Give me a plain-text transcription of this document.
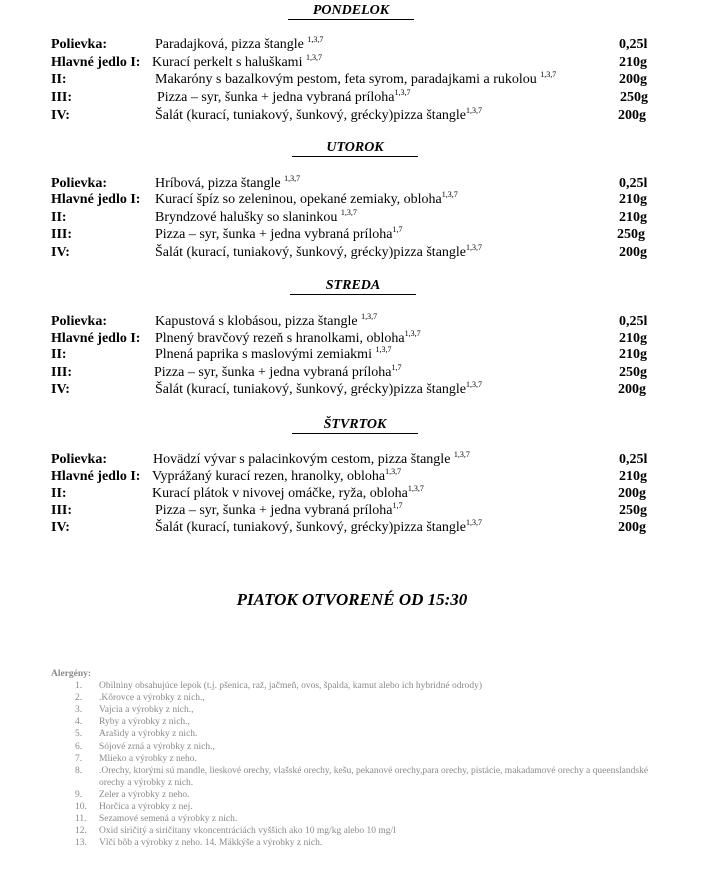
PONDELOK
Polievka:	Paradajková, pizza štangle $^{1,3,7}$	0,25l
Hlavné jedlo I: Kurací perkelt s haluškami $^{1,3,7}$	210g
II:	Makaróny s bazalkovým pestom, feta syrom, paradajkami a rukolou $^{1,3,7}$	200g
III:	Pizza – syr, šunka + jedna vybraná príloha$^{1,3,7}$	250g
IV:	Šalát (kurací, tuniakový, šunkový, grécky)pizza štangle$^{1,3,7}$	200g
UTOROK
Polievka:	Hríbová, pizza štangle $^{1,3,7}$	0,25l
Hlavné jedlo I: Kurací špíz so zeleninou, opekané zemiaky, obloha$^{1,3,7}$	210g
II:	Bryndzové halušky so slaninkou $^{1,3,7}$	210g
III:	Pizza – syr, šunka + jedna vybraná príloha$^{1,7}$	250g
IV:	Šalát (kurací, tuniakový, šunkový, grécky)pizza štangle$^{1,3,7}$	200g
STREDA
Polievka:	Kapustová s klobásou, pizza štangle $^{1,3,7}$	0,25l
Hlavné jedlo I: Plnený bravčový rezeň s hranolkami, obloha$^{1,3,7}$	210g
II:	Plnená paprika s maslovými zemiakmi $^{1,3,7}$	210g
III:	Pizza – syr, šunka + jedna vybraná príloha$^{1,7}$	250g
IV:	Šalát (kurací, tuniakový, šunkový, grécky)pizza štangle$^{1,3,7}$	200g
ŠTVRTOK
Polievka:	Hovädzí vývar s palacinkovým cestom, pizza štangle $^{1,3,7}$	0,25l
Hlavné jedlo I: Vyprážaný kurací rezen, hranolky, obloha$^{1,3,7}$	210g
II:	Kurací plátok v nivovej omáčke, ryža, obloha$^{1,3,7}$	200g
III:	Pizza – syr, šunka + jedna vybraná príloha$^{1,7}$	250g
IV:	Šalát (kurací, tuniakový, šunkový, grécky)pizza štangle$^{1,3,7}$	200g
PIATOK OTVORENÉ OD 15:30
Alergény:
1. Obilniny obsahujúce lepok (t.j. pšenica, raž, jačmeň, ovos, špalda, kamut alebo ich hybridné odrody)
2. .Kôrovce a výrobky z nich.,
3. Vajcia a výrobky z nich.,
4. Ryby a výrobky z nich.,
5. Arašidy a výrobky z nich.
6. Sójové zrná a výrobky z nich.,
7. Mlieko a výrobky z neho.
8. .Orechy, ktorými sú mandle, lieskové orechy, vlašské orechy, kešu, pekanové orechy,para orechy, pistácie, makadamové orechy a queenslandské orechy a výrobky z nich.
9. Zeler a výrobky z neho.
10. Horčica a výrobky z nej.
11. Sezamové semená a výrobky z nich.
12. Oxid siričitý a siričitany vkoncentráciách vyšších ako 10 mg/kg alebo 10 mg/l
13. Vlčí bôb a výrobky z neho. 14. Mäkkýše a výrobky z nich.
